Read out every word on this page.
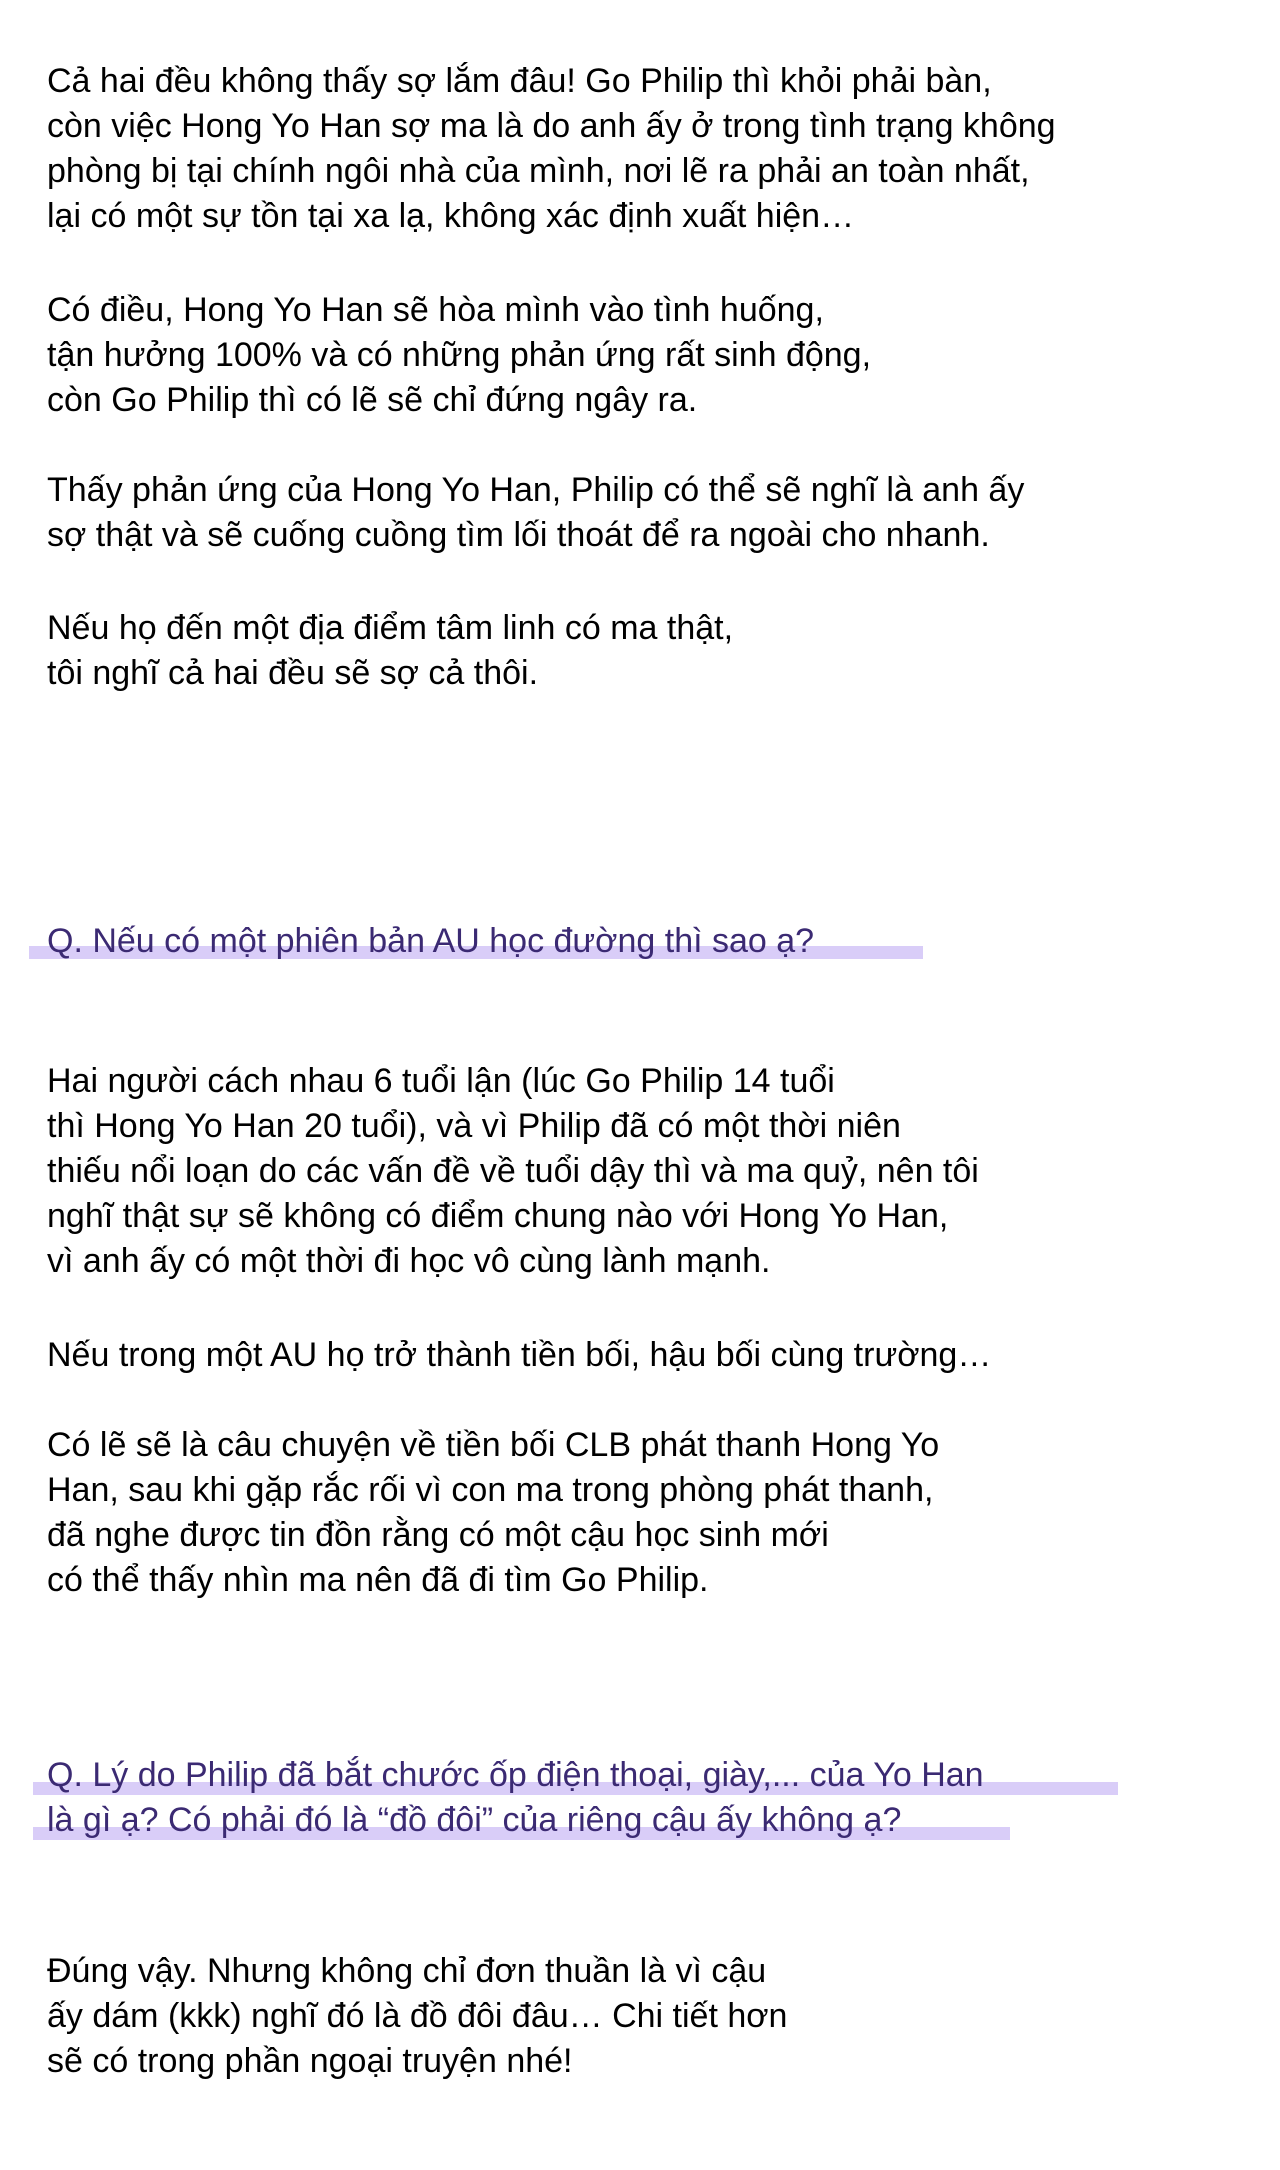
Cả hai đều không thấy sợ lắm đâu! Go Philip thì khỏi phải bàn,
còn việc Hong Yo Han sợ ma là do anh ấy ở trong tình trạng không
phòng bị tại chính ngôi nhà của mình, nơi lẽ ra phải an toàn nhất,
lại có một sự tồn tại xa lạ, không xác định xuất hiện…

Có điều, Hong Yo Han sẽ hòa mình vào tình huống,
tận hưởng 100% và có những phản ứng rất sinh động,
còn Go Philip thì có lẽ sẽ chỉ đứng ngây ra.

Thấy phản ứng của Hong Yo Han, Philip có thể sẽ nghĩ là anh ấy
sợ thật và sẽ cuống cuồng tìm lối thoát để ra ngoài cho nhanh.

Nếu họ đến một địa điểm tâm linh có ma thật,
tôi nghĩ cả hai đều sẽ sợ cả thôi.

Q. Nếu có một phiên bản AU học đường thì sao ạ?

Hai người cách nhau 6 tuổi lận (lúc Go Philip 14 tuổi
thì Hong Yo Han 20 tuổi), và vì Philip đã có một thời niên
thiếu nổi loạn do các vấn đề về tuổi dậy thì và ma quỷ, nên tôi
nghĩ thật sự sẽ không có điểm chung nào với Hong Yo Han,
vì anh ấy có một thời đi học vô cùng lành mạnh.

Nếu trong một AU họ trở thành tiền bối, hậu bối cùng trường…

Có lẽ sẽ là câu chuyện về tiền bối CLB phát thanh Hong Yo
Han, sau khi gặp rắc rối vì con ma trong phòng phát thanh,
đã nghe được tin đồn rằng có một cậu học sinh mới
có thể thấy nhìn ma nên đã đi tìm Go Philip.

Q. Lý do Philip đã bắt chước ốp điện thoại, giày,... của Yo Han
là gì ạ? Có phải đó là “đồ đôi” của riêng cậu ấy không ạ?

Đúng vậy. Nhưng không chỉ đơn thuần là vì cậu
ấy dám (kkk) nghĩ đó là đồ đôi đâu… Chi tiết hơn
sẽ có trong phần ngoại truyện nhé!
